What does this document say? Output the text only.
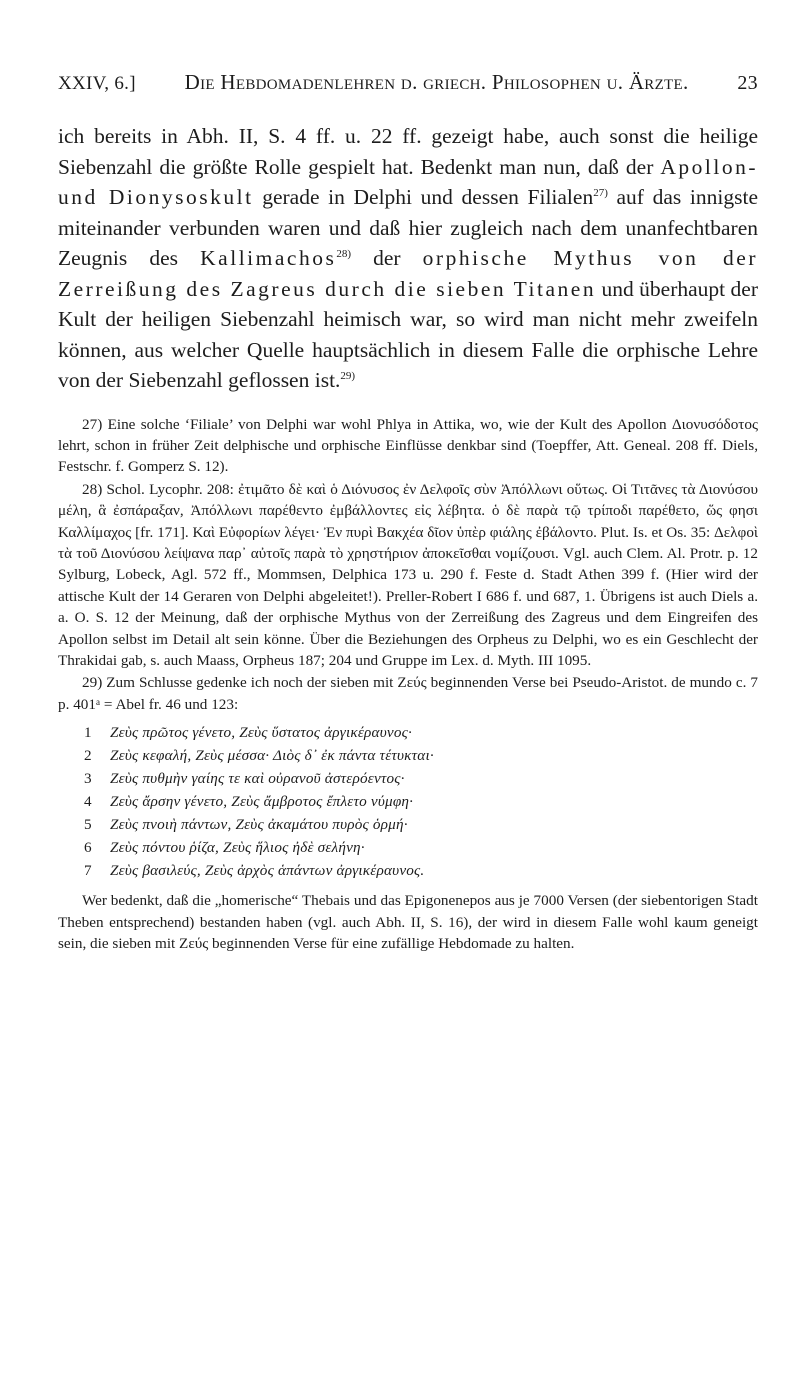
XXIV, 6.] Die Hebdomadenlehren d. griech. Philosophen u. Ärzte. 23

ich bereits in Abh. II, S. 4 ff. u. 22 ff. gezeigt habe, auch sonst die heilige Siebenzahl die größte Rolle gespielt hat. Bedenkt man nun, daß der Apollon- und Dionysoskult gerade in Delphi und dessen Filialen$^{27)}$ auf das innigste miteinander verbunden waren und daß hier zugleich nach dem unanfechtbaren Zeugnis des Kallimachos$^{28)}$ der orphische Mythus von der Zerreißung des Zagreus durch die sieben Titanen und überhaupt der Kult der heiligen Siebenzahl heimisch war, so wird man nicht mehr zweifeln können, aus welcher Quelle hauptsächlich in diesem Falle die orphische Lehre von der Siebenzahl geflossen ist.$^{29)}$

27) Eine solche ‘Filiale’ von Delphi war wohl Phlya in Attika, wo, wie der Kult des Apollon Διονυσόδοτος lehrt, schon in früher Zeit delphische und orphische Einflüsse denkbar sind (Toepffer, Att. Geneal. 208 ff. Diels, Festschr. f. Gomperz S. 12).

28) Schol. Lycophr. 208: ἐτιμᾶτο δὲ καὶ ὁ Διόνυσος ἐν Δελφοῖς σὺν Ἀπόλλωνι οὕτως. Οἱ Τιτᾶνες τὰ Διονύσου μέλη, ἃ ἐσπάραξαν, Ἀπόλλωνι παρέθεντο ἐμβάλλοντες εἰς λέβητα. ὁ δὲ παρὰ τῷ τρίποδι παρέθετο, ὥς φησι Καλλίμαχος [fr. 171]. Καὶ Εὐφορίων λέγει· Ἐν πυρὶ Βακχέα δῖον ὑπὲρ φιάλης ἐβάλοντο. Plut. Is. et Os. 35: Δελφοὶ τὰ τοῦ Διονύσου λείψανα παρ᾽ αὐτοῖς παρὰ τὸ χρηστήριον ἀποκεῖσθαι νομίζουσι. Vgl. auch Clem. Al. Protr. p. 12 Sylburg, Lobeck, Agl. 572 ff., Mommsen, Delphica 173 u. 290 f. Feste d. Stadt Athen 399 f. (Hier wird der attische Kult der 14 Geraren von Delphi abgeleitet!). Preller-Robert I 686 f. und 687, 1. Übrigens ist auch Diels a. a. O. S. 12 der Meinung, daß der orphische Mythus von der Zerreißung des Zagreus und dem Eingreifen des Apollon selbst im Detail alt sein könne. Über die Beziehungen des Orpheus zu Delphi, wo es ein Geschlecht der Thrakidai gab, s. auch Maass, Orpheus 187; 204 und Gruppe im Lex. d. Myth. III 1095.

29) Zum Schlusse gedenke ich noch der sieben mit Ζεύς beginnenden Verse bei Pseudo-Aristot. de mundo c. 7 p. 401ᵃ = Abel fr. 46 und 123:

1	Ζεὺς πρῶτος γένετο, Ζεὺς ὕστατος ἀργικέραυνος·
2	Ζεὺς κεφαλή, Ζεὺς μέσσα· Διὸς δ᾽ ἐκ πάντα τέτυκται·
3	Ζεὺς πυθμὴν γαίης τε καὶ οὐρανοῦ ἀστερόεντος·
4	Ζεὺς ἄρσην γένετο, Ζεὺς ἄμβροτος ἔπλετο νύμφη·
5	Ζεὺς πνοιὴ πάντων, Ζεὺς ἀκαμάτου πυρὸς ὁρμή·
6	Ζεὺς πόντου ῥίζα, Ζεὺς ἥλιος ἠδὲ σελήνη·
7	Ζεὺς βασιλεύς, Ζεὺς ἀρχὸς ἁπάντων ἀργικέραυνος.

Wer bedenkt, daß die „homerische“ Thebais und das Epigonenepos aus je 7000 Versen (der siebentorigen Stadt Theben entsprechend) bestanden haben (vgl. auch Abh. II, S. 16), der wird in diesem Falle wohl kaum geneigt sein, die sieben mit Ζεύς beginnenden Verse für eine zufällige Hebdomade zu halten.
